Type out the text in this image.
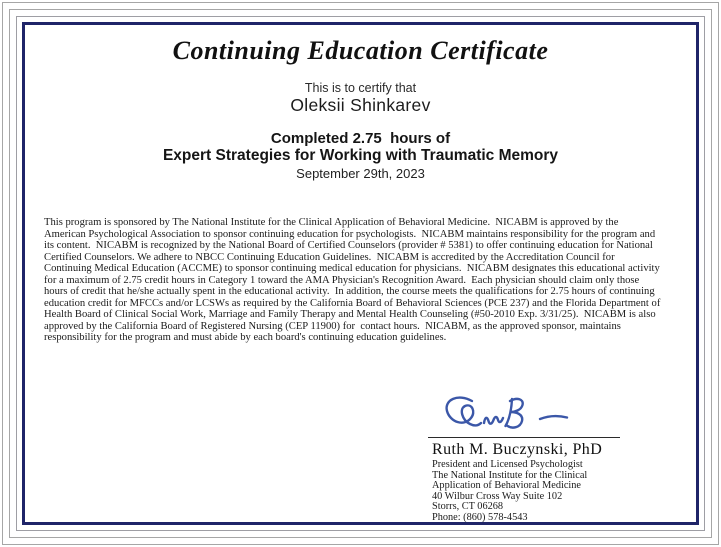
Continuing Education Certificate
This is to certify that
Oleksii Shinkarev
Completed 2.75  hours of
Expert Strategies for Working with Traumatic Memory
September 29th, 2023
This program is sponsored by The National Institute for the Clinical Application of Behavioral Medicine.  NICABM is approved by the American Psychological Association to sponsor continuing education for psychologists.  NICABM maintains responsibility for the program and its content.  NICABM is recognized by the National Board of Certified Counselors (provider # 5381) to offer continuing education for National Certified Counselors. We adhere to NBCC Continuing Education Guidelines.  NICABM is accredited by the Accreditation Council for Continuing Medical Education (ACCME) to sponsor continuing medical education for physicians.  NICABM designates this educational activity for a maximum of 2.75 credit hours in Category 1 toward the AMA Physician's Recognition Award.  Each physician should claim only those hours of credit that he/she actually spent in the educational activity.  In addition, the course meets the qualifications for 2.75 hours of continuing education credit for MFCCs and/or LCSWs as required by the California Board of Behavioral Sciences (PCE 237) and the Florida Department of Health Board of Clinical Social Work, Marriage and Family Therapy and Mental Health Counseling (#50-2010 Exp. 3/31/25).  NICABM is also approved by the California Board of Registered Nursing (CEP 11900) for  contact hours.  NICABM, as the approved sponsor, maintains responsibility for the program and must abide by each board's continuing education guidelines.
Ruth M. Buczynski, PhD
President and Licensed Psychologist
The National Institute for the Clinical
Application of Behavioral Medicine
40 Wilbur Cross Way Suite 102
Storrs, CT 06268
Phone: (860) 578-4543
